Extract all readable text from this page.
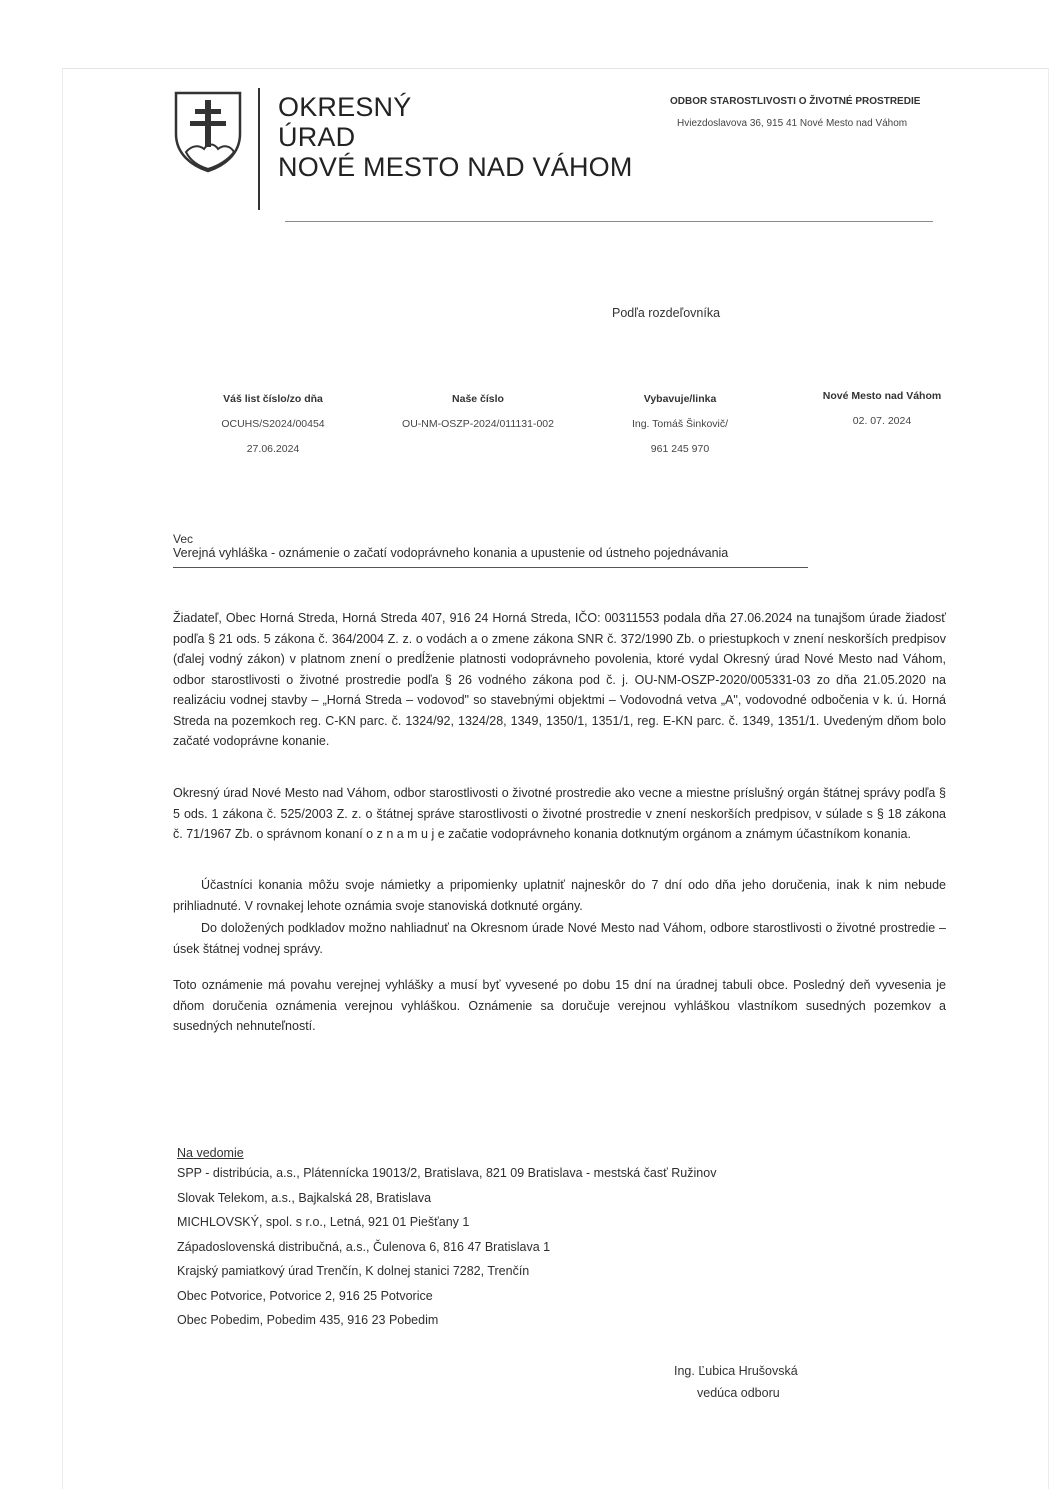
OKRESNÝ
ÚRAD
NOVÉ MESTO NAD VÁHOM
ODBOR STAROSTLIVOSTI O ŽIVOTNÉ PROSTREDIE
Hviezdoslavova 36, 915 41 Nové Mesto nad Váhom
Podľa rozdeľovníka
Váš list číslo/zo dňa
OCUHS/S2024/00454
27.06.2024
Naše číslo
OU-NM-OSZP-2024/011131-002
Vybavuje/linka
Ing. Tomáš Šinkovič/
961 245 970
Nové Mesto nad Váhom
02. 07. 2024
Vec
Verejná vyhláška - oznámenie o začatí vodoprávneho konania a upustenie od ústneho pojednávania

Žiadateľ, Obec Horná Streda, Horná Streda 407, 916 24 Horná Streda, IČO: 00311553 podala dňa 27.06.2024 na tunajšom úrade žiadosť podľa § 21 ods. 5 zákona č. 364/2004 Z. z. o vodách a o zmene zákona SNR č. 372/1990 Zb. o priestupkoch v znení neskorších predpisov (ďalej vodný zákon) v platnom znení o predĺženie platnosti vodoprávneho povolenia, ktoré vydal Okresný úrad Nové Mesto nad Váhom, odbor starostlivosti o životné prostredie podľa § 26 vodného zákona pod č. j. OU-NM-OSZP-2020/005331-03 zo dňa 21.05.2020 na realizáciu vodnej stavby – „Horná Streda – vodovod" so stavebnými objektmi – Vodovodná vetva „A", vodovodné odbočenia v k. ú. Horná Streda na pozemkoch reg. C-KN parc. č. 1324/92, 1324/28, 1349, 1350/1, 1351/1, reg. E-KN parc. č. 1349, 1351/1. Uvedeným dňom bolo začaté vodoprávne konanie.

Okresný úrad Nové Mesto nad Váhom, odbor starostlivosti o životné prostredie ako vecne a miestne príslušný orgán štátnej správy podľa § 5 ods. 1 zákona č. 525/2003 Z. z. o štátnej správe starostlivosti o životné prostredie v znení neskorších predpisov, v súlade s § 18 zákona č. 71/1967 Zb. o správnom konaní o z n a m u j e začatie vodoprávneho konania dotknutým orgánom a známym účastníkom konania.

Účastníci konania môžu svoje námietky a pripomienky uplatniť najneskôr do 7 dní odo dňa jeho doručenia, inak k nim nebude prihliadnuté. V rovnakej lehote oznámia svoje stanoviská dotknuté orgány.

Do doložených podkladov možno nahliadnuť na Okresnom úrade Nové Mesto nad Váhom, odbore starostlivosti o životné prostredie – úsek štátnej vodnej správy.

Toto oznámenie má povahu verejnej vyhlášky a musí byť vyvesené po dobu 15 dní na úradnej tabuli obce. Posledný deň vyvesenia je dňom doručenia oznámenia verejnou vyhláškou. Oznámenie sa doručuje verejnou vyhláškou vlastníkom susedných pozemkov a susedných nehnuteľností.

Na vedomie
SPP - distribúcia, a.s., Plátennícka 19013/2, Bratislava, 821 09 Bratislava - mestská časť Ružinov
Slovak Telekom, a.s., Bajkalská 28, Bratislava
MICHLOVSKÝ, spol. s r.o., Letná, 921 01 Piešťany 1
Západoslovenská distribučná, a.s., Čulenova 6, 816 47 Bratislava 1
Krajský pamiatkový úrad Trenčín, K dolnej stanici 7282, Trenčín
Obec Potvorice, Potvorice 2, 916 25 Potvorice
Obec Pobedim, Pobedim 435, 916 23 Pobedim
Ing. Ľubica Hrušovská
vedúca odboru
